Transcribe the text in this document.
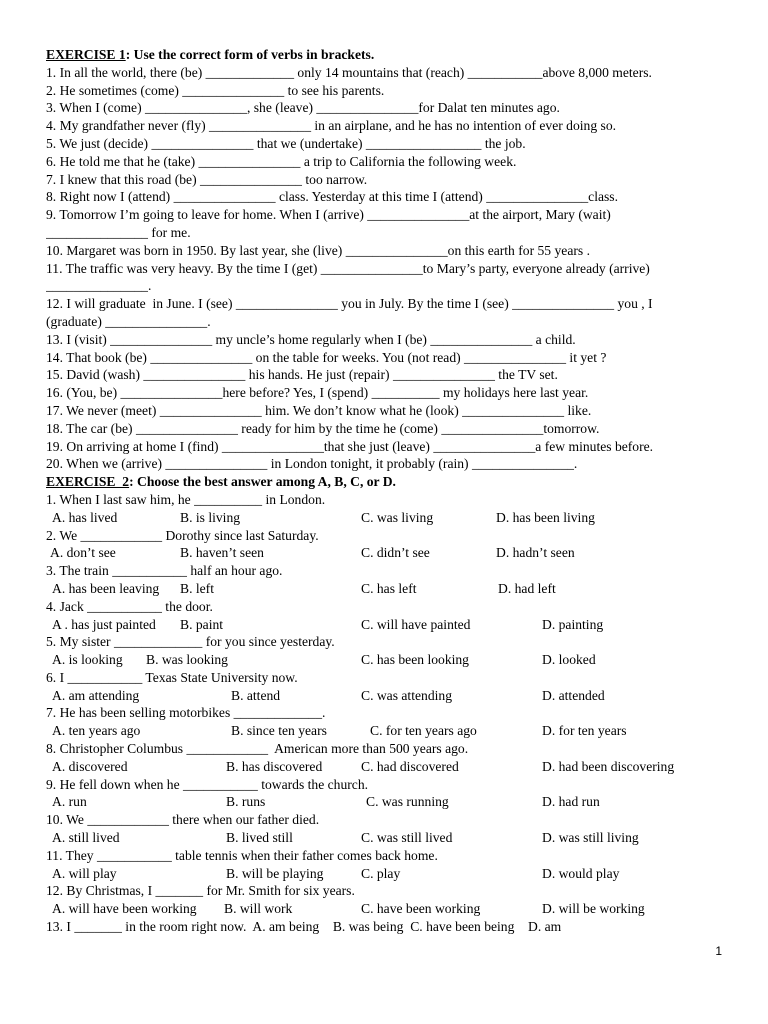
EXERCISE 1: Use the correct form of verbs in brackets.
1. In all the world, there (be) _____________ only 14 mountains that (reach) ___________above 8,000 meters.
2. He sometimes (come) _______________ to see his parents.
3. When I (come) _______________, she (leave) _______________for Dalat ten minutes ago.
4. My grandfather never (fly) _______________ in an airplane, and he has no intention of ever doing so.
5. We just (decide) _______________ that we (undertake) _________________ the job.
6. He told me that he (take) _______________ a trip to California the following week.
7. I knew that this road (be) _______________ too narrow.
8. Right now I (attend) _______________ class. Yesterday at this time I (attend) _______________class.
9. Tomorrow I’m going to leave for home. When I (arrive) _______________at the airport, Mary (wait)
_______________ for me.
10. Margaret was born in 1950. By last year, she (live) _______________on this earth for 55 years .
11. The traffic was very heavy. By the time I (get) _______________to Mary’s party, everyone already (arrive)
_______________.
12. I will graduate  in June. I (see) _______________ you in July. By the time I (see) _______________ you , I
(graduate) _______________.
13. I (visit) _______________ my uncle’s home regularly when I (be) _______________ a child.
14. That book (be) _______________ on the table for weeks. You (not read) _______________ it yet ?
15. David (wash) _______________ his hands. He just (repair) _______________ the TV set.
16. (You, be) _______________here before? Yes, I (spend) __________ my holidays here last year.
17. We never (meet) _______________ him. We don’t know what he (look) _______________ like.
18. The car (be) _______________ ready for him by the time he (come) _______________tomorrow.
19. On arriving at home I (find) _______________that she just (leave) _______________a few minutes before.
20. When we (arrive) _______________ in London tonight, it probably (rain) _______________.
EXERCISE  2: Choose the best answer among A, B, C, or D.
1. When I last saw him, he __________ in London.
A. has lived	B. is living	C. was living	D. has been living
2. We ____________ Dorothy since last Saturday.
A. don’t see	B. haven’t seen	C. didn’t see	D. hadn’t seen
3. The train ___________ half an hour ago.
A. has been leaving B. left	C. has left	D. had left
4. Jack ___________ the door.
A . has just painted B. paint	C. will have painted	D. painting
5. My sister _____________ for you since yesterday.
A. is looking B. was looking	C. has been looking	D. looked
6. I ___________ Texas State University now.
A. am attending	B. attend	C. was attending	D. attended
7. He has been selling motorbikes _____________.
A. ten years ago	B. since ten years	C. for ten years ago	D. for ten years
8. Christopher Columbus ____________  American more than 500 years ago.
A. discovered	B. has discovered	C. had discovered	D. had been discovering
9. He fell down when he ___________ towards the church.
A. run	B. runs	C. was running	D. had run
10. We ____________ there when our father died.
A. still lived	B. lived still	C. was still lived	D. was still living
11. They ___________ table tennis when their father comes back home.
A. will play	B. will be playing	C. play	D. would play
12. By Christmas, I _______ for Mr. Smith for six years.
A. will have been working B. will work	C. have been working	D. will be working
13. I _______ in the room right now.  A. am being    B. was being  C. have been being    D. am
1
